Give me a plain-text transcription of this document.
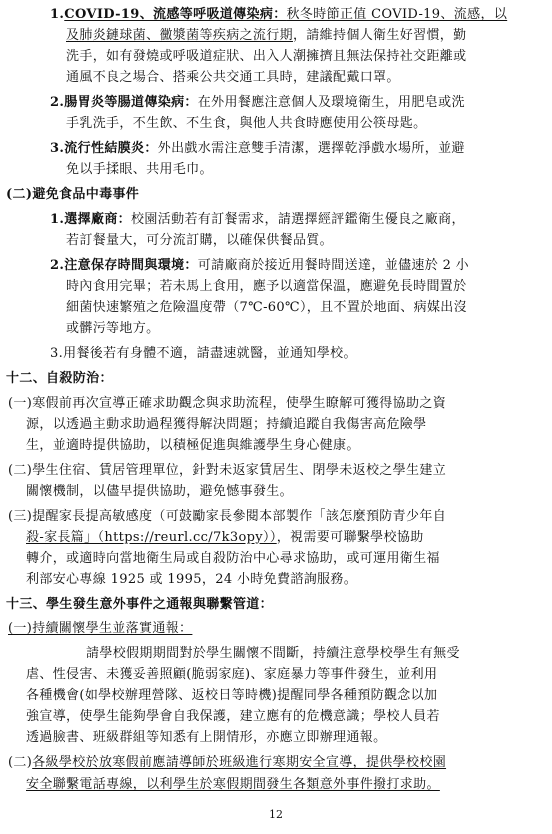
1.COVID-19、流感等呼吸道傳染病：秋冬時節正值 COVID-19、流感，以
及肺炎鏈球菌、黴漿菌等疾病之流行期，請維持個人衛生好習慣，勤
洗手，如有發燒或呼吸道症狀、出入人潮擁擠且無法保持社交距離或
通風不良之場合、搭乘公共交通工具時，建議配戴口罩。
2.腸胃炎等腸道傳染病：在外用餐應注意個人及環境衛生，用肥皂或洗
手乳洗手，不生飲、不生食，與他人共食時應使用公筷母匙。
3.流行性結膜炎：外出戲水需注意雙手清潔，選擇乾淨戲水場所，並避
免以手揉眼、共用毛巾。
(二)避免食品中毒事件
1.選擇廠商：校園活動若有訂餐需求，請選擇經評鑑衛生優良之廠商，
若訂餐量大，可分流訂購，以確保供餐品質。
2.注意保存時間與環境：可請廠商於接近用餐時間送達，並儘速於 2 小
時內食用完畢；若未馬上食用，應予以適當保溫，應避免長時間置於
細菌快速繁殖之危險溫度帶（7℃-60℃），且不置於地面、病媒出沒
或髒污等地方。
3.用餐後若有身體不適，請盡速就醫，並通知學校。
十二、自殺防治：
(一)寒假前再次宣導正確求助觀念與求助流程，使學生瞭解可獲得協助之資
源，以透過主動求助過程獲得解決問題；持續追蹤自我傷害高危險學
生，並適時提供協助，以積極促進與維護學生身心健康。
(二)學生住宿、賃居管理單位，針對未返家賃居生、閉學未返校之學生建立
關懷機制，以儘早提供協助，避免憾事發生。
(三)提醒家長提高敏感度（可鼓勵家長參閱本部製作「該怎麼預防青少年自
殺-家長篇」（https://reurl.cc/7k3opy）），視需要可聯繫學校協助
轉介，或適時向當地衛生局或自殺防治中心尋求協助，或可運用衛生福
利部安心專線 1925 或 1995，24 小時免費諮詢服務。
十三、學生發生意外事件之通報與聯繫管道：
(一)持續關懷學生並落實通報：
請學校假期期間對於學生關懷不間斷，持續注意學校學生有無受
虐、性侵害、未獲妥善照顧(脆弱家庭)、家庭暴力等事件發生，並利用
各種機會(如學校辦理營隊、返校日等時機)提醒同學各種預防觀念以加
強宣導，使學生能夠學會自我保護，建立應有的危機意識；學校人員若
透過臉書、班級群組等知悉有上開情形，亦應立即辦理通報。
(二)各級學校於放寒假前應請導師於班級進行寒期安全宣導，提供學校校園
安全聯繫電話專線，以利學生於寒假期間發生各類意外事件撥打求助。
12
